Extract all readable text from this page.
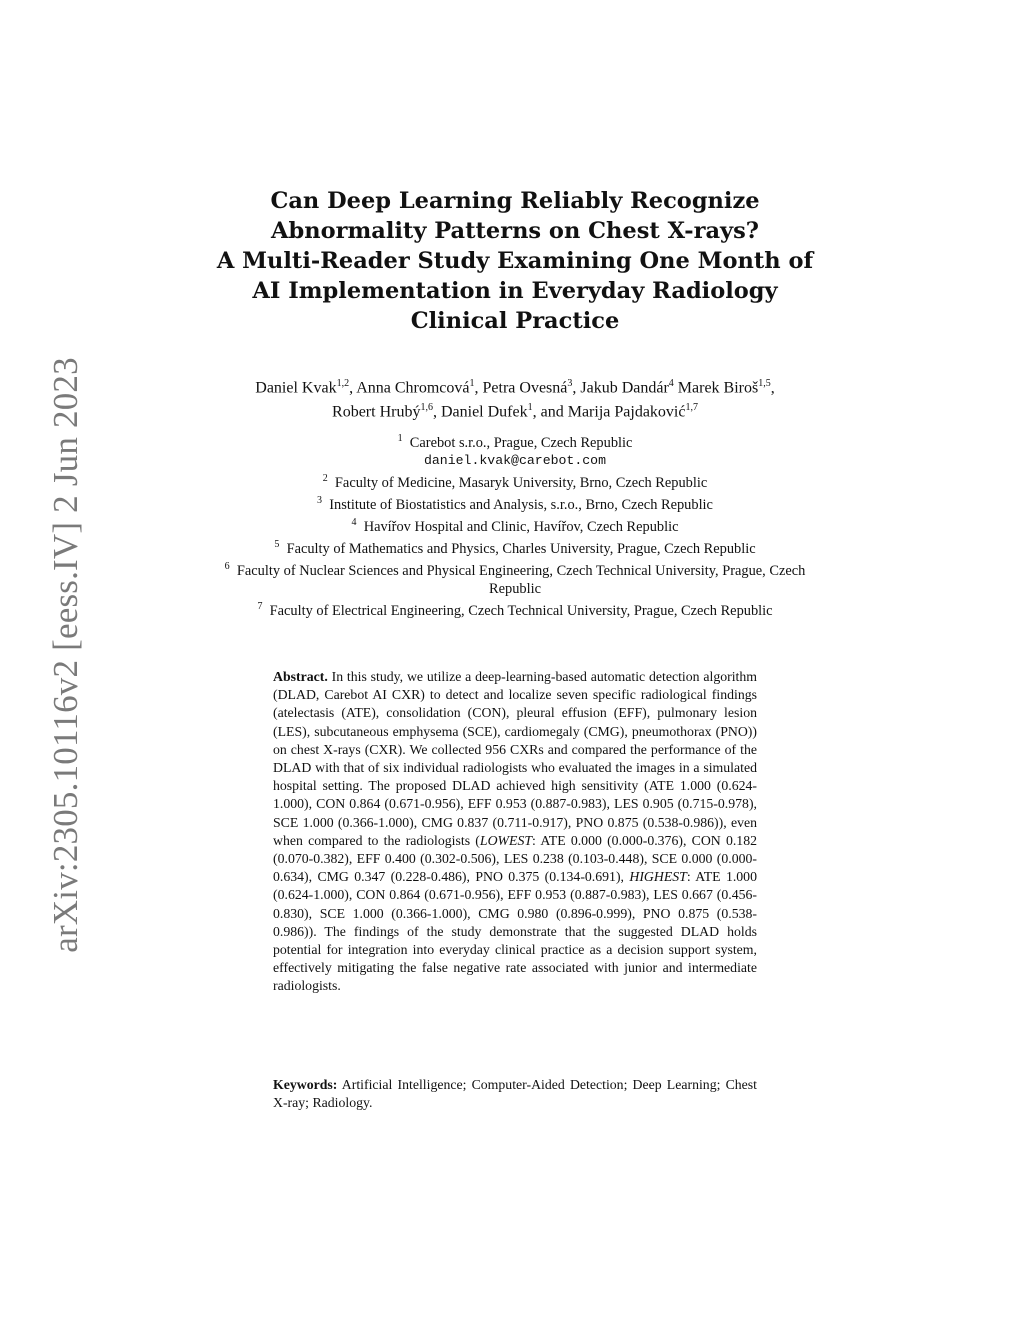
arXiv:2305.10116v2 [eess.IV] 2 Jun 2023
Can Deep Learning Reliably Recognize
Abnormality Patterns on Chest X-rays?
A Multi-Reader Study Examining One Month of
AI Implementation in Everyday Radiology
Clinical Practice

Daniel Kvak$^{1,2}$, Anna Chromcová$^1$, Petra Ovesná$^3$, Jakub Dandár$^4$ Marek Biroš$^{1,5}$, Robert Hrubý$^{1,6}$, Daniel Dufek$^1$, and Marija Pajdaković$^{1,7}$

$^1$ Carebot s.r.o., Prague, Czech Republic
daniel.kvak@carebot.com
$^2$ Faculty of Medicine, Masaryk University, Brno, Czech Republic
$^3$ Institute of Biostatistics and Analysis, s.r.o., Brno, Czech Republic
$^4$ Havířov Hospital and Clinic, Havířov, Czech Republic
$^5$ Faculty of Mathematics and Physics, Charles University, Prague, Czech Republic
$^6$ Faculty of Nuclear Sciences and Physical Engineering, Czech Technical University, Prague, Czech Republic
$^7$ Faculty of Electrical Engineering, Czech Technical University, Prague, Czech Republic

Abstract. In this study, we utilize a deep-learning-based automatic detection algorithm (DLAD, Carebot AI CXR) to detect and localize seven specific radiological findings (atelectasis (ATE), consolidation (CON), pleural effusion (EFF), pulmonary lesion (LES), subcutaneous emphysema (SCE), cardiomegaly (CMG), pneumothorax (PNO)) on chest X-rays (CXR). We collected 956 CXRs and compared the performance of the DLAD with that of six individual radiologists who evaluated the images in a simulated hospital setting. The proposed DLAD achieved high sensitivity (ATE 1.000 (0.624-1.000), CON 0.864 (0.671-0.956), EFF 0.953 (0.887-0.983), LES 0.905 (0.715-0.978), SCE 1.000 (0.366-1.000), CMG 0.837 (0.711-0.917), PNO 0.875 (0.538-0.986)), even when compared to the radiologists (LOWEST: ATE 0.000 (0.000-0.376), CON 0.182 (0.070-0.382), EFF 0.400 (0.302-0.506), LES 0.238 (0.103-0.448), SCE 0.000 (0.000-0.634), CMG 0.347 (0.228-0.486), PNO 0.375 (0.134-0.691), HIGHEST: ATE 1.000 (0.624-1.000), CON 0.864 (0.671-0.956), EFF 0.953 (0.887-0.983), LES 0.667 (0.456-0.830), SCE 1.000 (0.366-1.000), CMG 0.980 (0.896-0.999), PNO 0.875 (0.538-0.986)). The findings of the study demonstrate that the suggested DLAD holds potential for integration into everyday clinical practice as a decision support system, effectively mitigating the false negative rate associated with junior and intermediate radiologists.

Keywords: Artificial Intelligence; Computer-Aided Detection; Deep Learning; Chest X-ray; Radiology.
